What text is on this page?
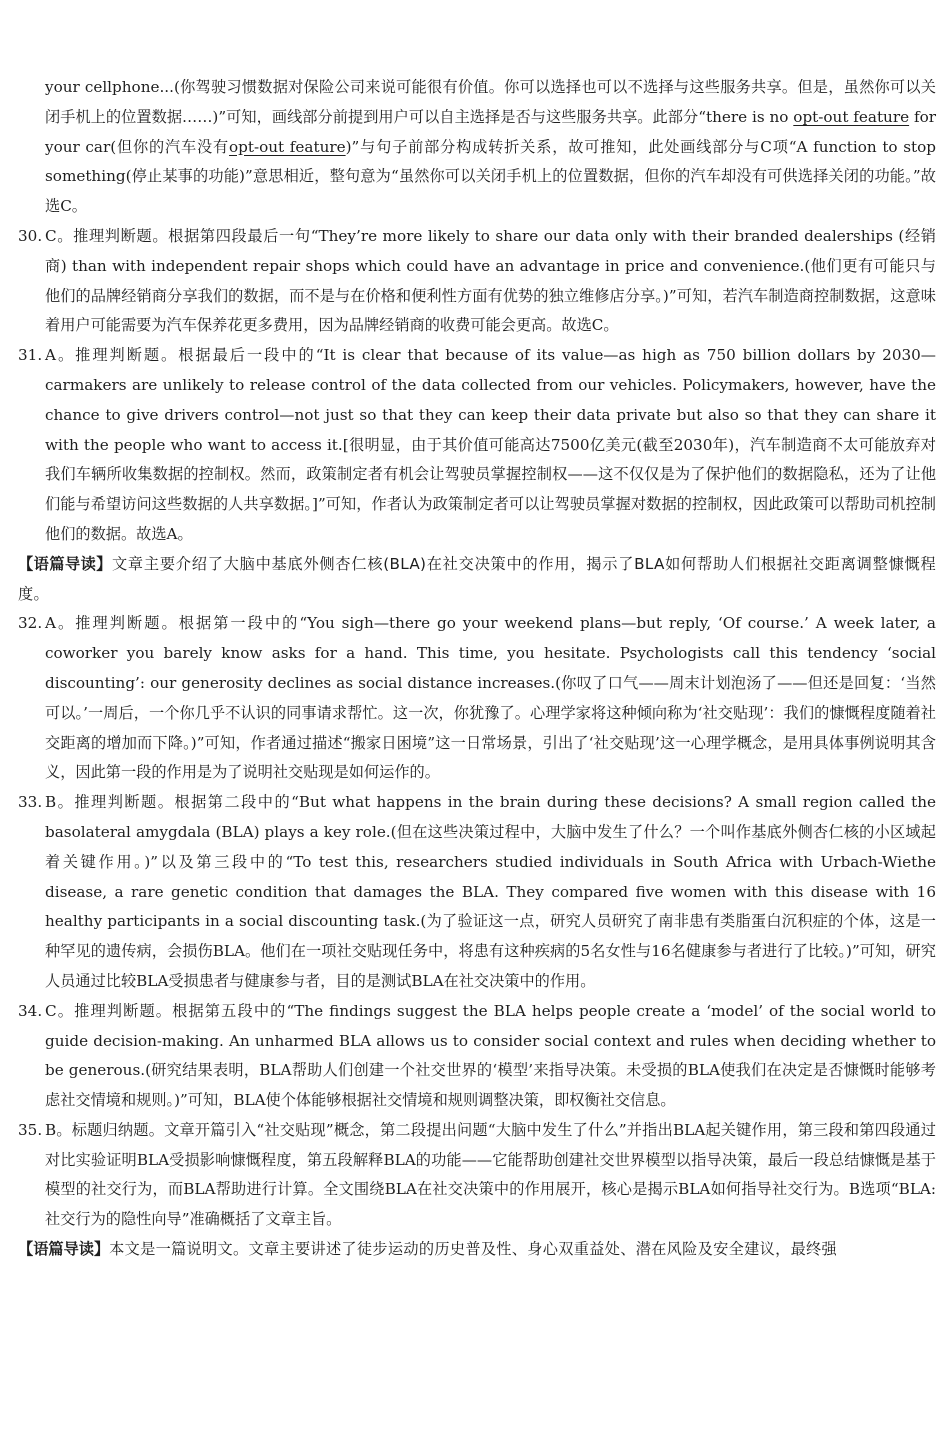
your cellphone...(你驾驶习惯数据对保险公司来说可能很有价值。你可以选择也可以不选择与这些服务共享。但是，虽然你可以关闭手机上的位置数据……)”可知，画线部分前提到用户可以自主选择是否与这些服务共享。此部分“there is no opt-out feature for your car(但你的汽车没有opt-out feature)”与句子前部分构成转折关系，故可推知，此处画线部分与C项“A function to stop something(停止某事的功能)”意思相近，整句意为“虽然你可以关闭手机上的位置数据，但你的汽车却没有可供选择关闭的功能。”故选C。
30. C。推理判断题。根据第四段最后一句“They’re more likely to share our data only with their branded dealerships (经销商) than with independent repair shops which could have an advantage in price and convenience.(他们更有可能只与他们的品牌经销商分享我们的数据，而不是与在价格和便利性方面有优势的独立维修店分享。)”可知，若汽车制造商控制数据，这意味着用户可能需要为汽车保养花更多费用，因为品牌经销商的收费可能会更高。故选C。
31. A。推理判断题。根据最后一段中的“It is clear that because of its value—as high as 750 billion dollars by 2030—carmakers are unlikely to release control of the data collected from our vehicles. Policymakers, however, have the chance to give drivers control—not just so that they can keep their data private but also so that they can share it with the people who want to access it.[很明显，由于其价值可能高达7500亿美元(截至2030年)，汽车制造商不太可能放弃对我们车辆所收集数据的控制权。然而，政策制定者有机会让驾驶员掌握控制权——这不仅仅是为了保护他们的数据隐私，还为了让他们能与希望访问这些数据的人共享数据。]”可知，作者认为政策制定者可以让驾驶员掌握对数据的控制权，因此政策可以帮助司机控制他们的数据。故选A。
【语篇导读】文章主要介绍了大脑中基底外侧杏仁核(BLA)在社交决策中的作用，揭示了BLA如何帮助人们根据社交距离调整慷慨程度。
32. A。推理判断题。根据第一段中的“You sigh—there go your weekend plans—but reply, ‘Of course.’ A week later, a coworker you barely know asks for a hand. This time, you hesitate. Psychologists call this tendency ‘social discounting’: our generosity declines as social distance increases.(你叹了口气——周末计划泡汤了——但还是回复：‘当然可以。’一周后，一个你几乎不认识的同事请求帮忙。这一次，你犹豫了。心理学家将这种倾向称为‘社交贴现’：我们的慷慨程度随着社交距离的增加而下降。)”可知，作者通过描述“搬家日困境”这一日常场景，引出了‘社交贴现’这一心理学概念，是用具体事例说明其含义，因此第一段的作用是为了说明社交贴现是如何运作的。
33. B。推理判断题。根据第二段中的“But what happens in the brain during these decisions? A small region called the basolateral amygdala (BLA) plays a key role.(但在这些决策过程中，大脑中发生了什么？一个叫作基底外侧杏仁核的小区域起着关键作用。)”以及第三段中的“To test this, researchers studied individuals in South Africa with Urbach-Wiethe disease, a rare genetic condition that damages the BLA. They compared five women with this disease with 16 healthy participants in a social discounting task.(为了验证这一点，研究人员研究了南非患有类脂蛋白沉积症的个体，这是一种罕见的遗传病，会损伤BLA。他们在一项社交贴现任务中，将患有这种疾病的5名女性与16名健康参与者进行了比较。)”可知，研究人员通过比较BLA受损患者与健康参与者，目的是测试BLA在社交决策中的作用。
34. C。推理判断题。根据第五段中的“The findings suggest the BLA helps people create a ‘model’ of the social world to guide decision-making. An unharmed BLA allows us to consider social context and rules when deciding whether to be generous.(研究结果表明，BLA帮助人们创建一个社交世界的‘模型’来指导决策。未受损的BLA使我们在决定是否慷慨时能够考虑社交情境和规则。)”可知，BLA使个体能够根据社交情境和规则调整决策，即权衡社交信息。
35. B。标题归纳题。文章开篇引入“社交贴现”概念，第二段提出问题“大脑中发生了什么”并指出BLA起关键作用，第三段和第四段通过对比实验证明BLA受损影响慷慨程度，第五段解释BLA的功能——它能帮助创建社交世界模型以指导决策，最后一段总结慷慨是基于模型的社交行为，而BLA帮助进行计算。全文围绕BLA在社交决策中的作用展开，核心是揭示BLA如何指导社交行为。B选项“BLA:社交行为的隐性向导”准确概括了文章主旨。
【语篇导读】本文是一篇说明文。文章主要讲述了徒步运动的历史普及性、身心双重益处、潜在风险及安全建议，最终强
